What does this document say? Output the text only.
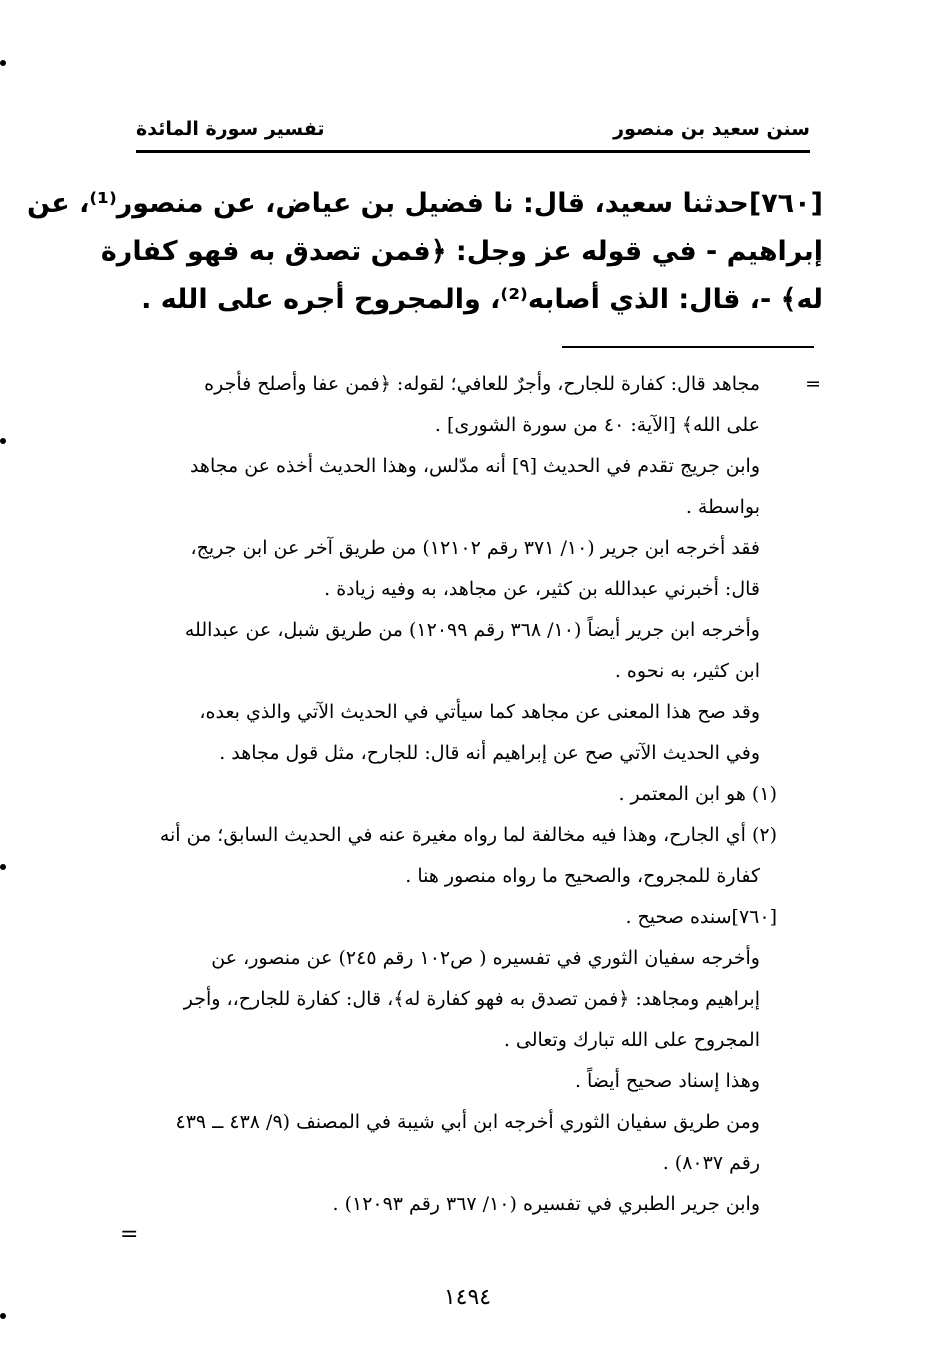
سنن سعيد بن منصور
تفسير سورة المائدة
[٧٦٠]حدثنا سعيد، قال: نا فضيل بن عياض، عن منصور⁽¹⁾، عن
إبراهيم - في قوله عز وجل: ﴿فمن تصدق به فهو كفارة
له﴾ -، قال: الذي أصابه⁽²⁾، والمجروح أجره على الله .
=
مجاهد قال: كفارة للجارح، وأجرٌ للعافي؛ لقوله: ﴿فمن عفا وأصلح فأجره
على الله﴾ [الآية: ٤٠ من سورة الشورى] .
وابن جريج تقدم في الحديث [٩] أنه مدّلس، وهذا الحديث أخذه عن مجاهد
بواسطة .
فقد أخرجه ابن جرير (١٠/ ٣٧١ رقم ١٢١٠٢) من طريق آخر عن ابن جريج،
قال: أخبرني عبدالله بن كثير، عن مجاهد، به وفيه زيادة .
وأخرجه ابن جرير أيضاً (١٠/ ٣٦٨ رقم ١٢٠٩٩) من طريق شبل، عن عبدالله
ابن كثير، به نحوه .
وقد صح هذا المعنى عن مجاهد كما سيأتي في الحديث الآتي والذي بعده،
وفي الحديث الآتي صح عن إبراهيم أنه قال: للجارح، مثل قول مجاهد .
(١) هو ابن المعتمر .
(٢) أي الجارح، وهذا فيه مخالفة لما رواه مغيرة عنه في الحديث السابق؛ من أنه
كفارة للمجروح، والصحيح ما رواه منصور هنا .
[٧٦٠]سنده صحيح .
وأخرجه سفيان الثوري في تفسيره ( ص١٠٢ رقم ٢٤٥) عن منصور، عن
إبراهيم ومجاهد: ﴿فمن تصدق به فهو كفارة له﴾، قال: كفارة للجارح،، وأجر
المجروح على الله تبارك وتعالى .
وهذا إسناد صحيح أيضاً .
ومن طريق سفيان الثوري أخرجه ابن أبي شيبة في المصنف (٩/ ٤٣٨ ــ ٤٣٩
رقم ٨٠٣٧) .
وابن جرير الطبري في تفسيره (١٠/ ٣٦٧ رقم ١٢٠٩٣) .
=
١٤٩٤
